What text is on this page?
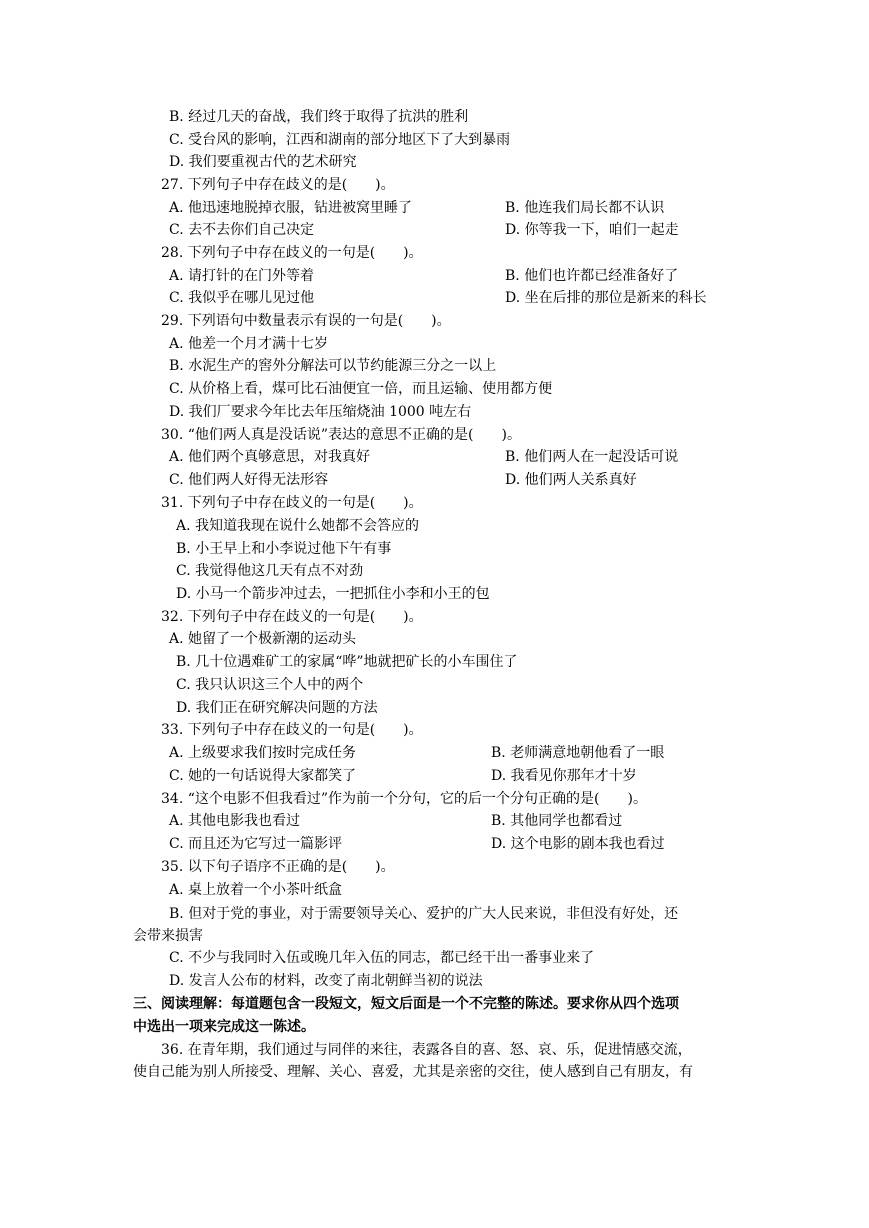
B. 经过几天的奋战，我们终于取得了抗洪的胜利
C. 受台风的影响，江西和湖南的部分地区下了大到暴雨
D. 我们要重视古代的艺术研究
27. 下列句子中存在歧义的是(　　)。
A. 他迅速地脱掉衣服，钻进被窝里睡了	B. 他连我们局长都不认识
C. 去不去你们自己决定	D. 你等我一下，咱们一起走
28. 下列句子中存在歧义的一句是(　　)。
A. 请打针的在门外等着	B. 他们也许都已经准备好了
C. 我似乎在哪儿见过他	D. 坐在后排的那位是新来的科长
29. 下列语句中数量表示有误的一句是(　　)。
A. 他差一个月才满十七岁
B. 水泥生产的窖外分解法可以节约能源三分之一以上
C. 从价格上看，煤可比石油便宜一倍，而且运输、使用都方便
D. 我们厂要求今年比去年压缩烧油 1000 吨左右
30. “他们两人真是没话说”表达的意思不正确的是(　　)。
A. 他们两个真够意思，对我真好	B. 他们两人在一起没话可说
C. 他们两人好得无法形容	D. 他们两人关系真好
31. 下列句子中存在歧义的一句是(　　)。
A. 我知道我现在说什么她都不会答应的
B. 小王早上和小李说过他下午有事
C. 我觉得他这几天有点不对劲
D. 小马一个箭步冲过去，一把抓住小李和小王的包
32. 下列句子中存在歧义的一句是(　　)。
A. 她留了一个极新潮的运动头
B. 几十位遇难矿工的家属“哗”地就把矿长的小车围住了
C. 我只认识这三个人中的两个
D. 我们正在研究解决问题的方法
33. 下列句子中存在歧义的一句是(　　)。
A. 上级要求我们按时完成任务	B. 老师满意地朝他看了一眼
C. 她的一句话说得大家都笑了	D. 我看见你那年才十岁
34. “这个电影不但我看过”作为前一个分句，它的后一个分句正确的是(　　)。
A. 其他电影我也看过	B. 其他同学也都看过
C. 而且还为它写过一篇影评	D. 这个电影的剧本我也看过
35. 以下句子语序不正确的是(　　)。
A. 桌上放着一个小茶叶纸盒
B. 但对于党的事业，对于需要领导关心、爱护的广大人民来说，非但没有好处，还
会带来损害
C. 不少与我同时入伍或晚几年入伍的同志，都已经干出一番事业来了
D. 发言人公布的材料，改变了南北朝鲜当初的说法
三、阅读理解：每道题包含一段短文，短文后面是一个不完整的陈述。要求你从四个选项
中选出一项来完成这一陈述。
36. 在青年期，我们通过与同伴的来往，表露各自的喜、怒、哀、乐，促进情感交流，
使自己能为别人所接受、理解、关心、喜爱，尤其是亲密的交往，使人感到自己有朋友，有
